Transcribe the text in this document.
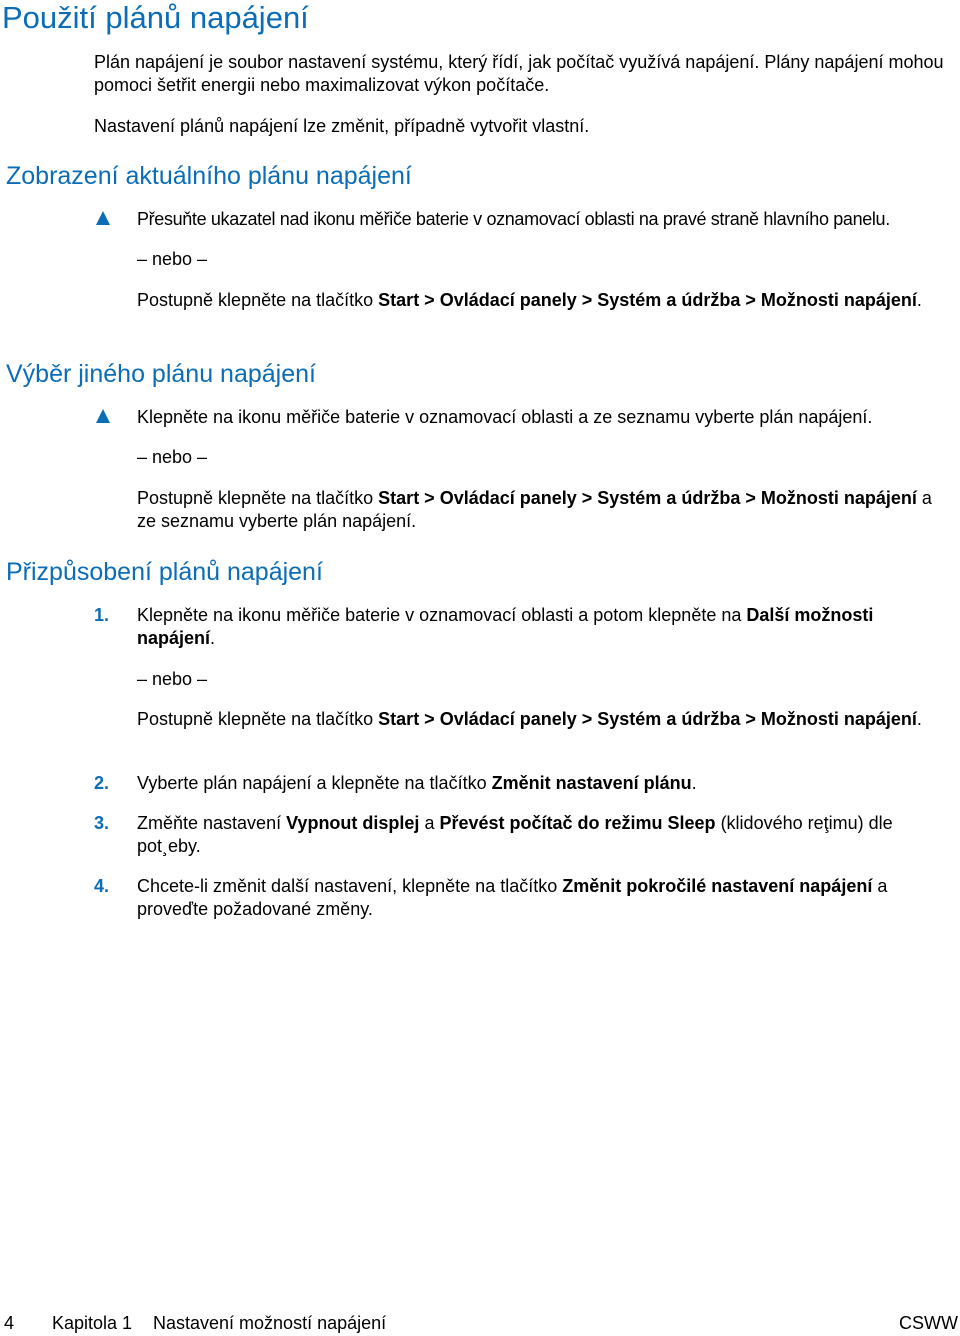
Použití plánů napájení

Plán napájení je soubor nastavení systému, který řídí, jak počítač využívá napájení. Plány napájení mohou pomoci šetřit energii nebo maximalizovat výkon počítače.

Nastavení plánů napájení lze změnit, případně vytvořit vlastní.

Zobrazení aktuálního plánu napájení

Přesuňte ukazatel nad ikonu měřiče baterie v oznamovací oblasti na pravé straně hlavního panelu.

– nebo –

Postupně klepněte na tlačítko Start > Ovládací panely > Systém a údržba > Možnosti napájení.

Výběr jiného plánu napájení

Klepněte na ikonu měřiče baterie v oznamovací oblasti a ze seznamu vyberte plán napájení.

– nebo –

Postupně klepněte na tlačítko Start > Ovládací panely > Systém a údržba > Možnosti napájení a ze seznamu vyberte plán napájení.

Přizpůsobení plánů napájení
1. Klepněte na ikonu měřiče baterie v oznamovací oblasti a potom klepněte na Další možnosti napájení.

– nebo –

Postupně klepněte na tlačítko Start > Ovládací panely > Systém a údržba > Možnosti napájení.

2. Vyberte plán napájení a klepněte na tlačítko Změnit nastavení plánu.

3. Změňte nastavení Vypnout displej a Převést počítač do režimu Sleep (klidového reţimu) dle pot¸eby.

4. Chcete-li změnit další nastavení, klepněte na tlačítko Změnit pokročilé nastavení napájení a proveďte požadované změny.

4 Kapitola 1 Nastavení možností napájení	CSWW
